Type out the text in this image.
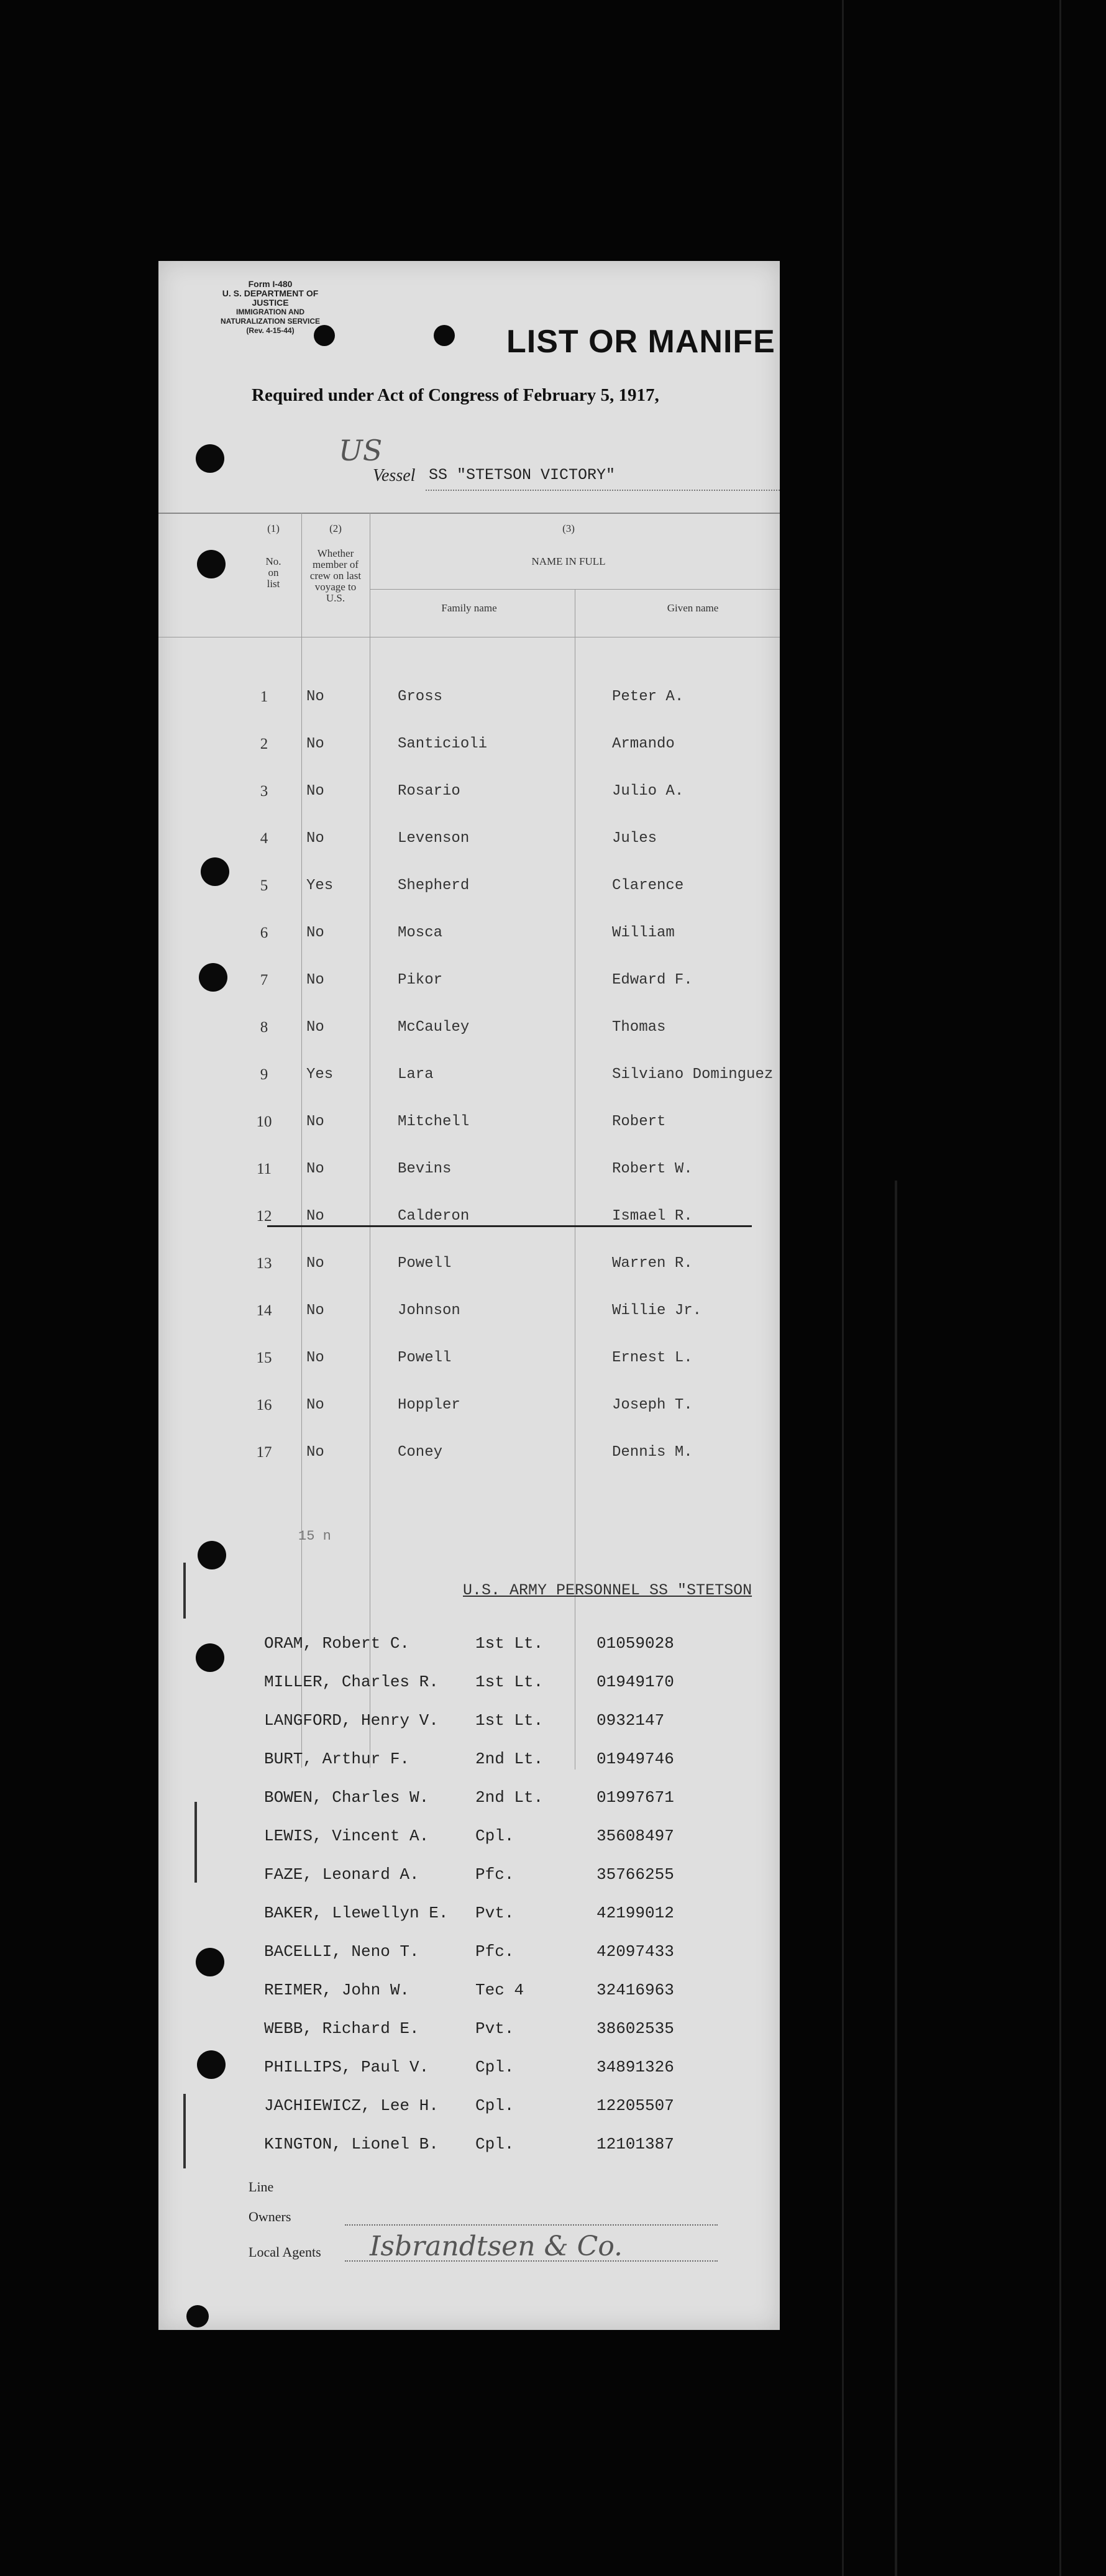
Form I-480
U. S. DEPARTMENT OF JUSTICE
IMMIGRATION AND NATURALIZATION SERVICE
(Rev. 4-15-44)	LIST OR MANIFE
Required under Act of Congress of February 5, 1917,
US
Vessel SS "STETSON VICTORY"
(1)
No. on list
(2)
Whether member of crew on last voyage to U.S.
(3)
NAME IN FULL
Family name	Given name
1	No	Gross	Peter A.
2	No	Santicioli	Armando
3	No	Rosario	Julio A.
4	No	Levenson	Jules
5	Yes	Shepherd	Clarence
6	No	Mosca	William
7	No	Pikor	Edward F.
8	No	McCauley	Thomas
9	Yes	Lara	Silviano Dominguez
10	No	Mitchell	Robert
11	No	Bevins	Robert W.
12	No	Calderon	Ismael R.
13	No	Powell	Warren R.
14	No	Johnson	Willie Jr.
15	No	Powell	Ernest L.
16	No	Hoppler	Joseph T.
17	No	Coney	Dennis M.
15 n
U.S. ARMY PERSONNEL SS "STETSON
ORAM, Robert C.	1st Lt.	01059028
MILLER, Charles R. 1st Lt.	01949170
LANGFORD, Henry V. 1st Lt.	0932147
BURT, Arthur F.	2nd Lt.	01949746
BOWEN, Charles W.	2nd Lt.	01997671
LEWIS, Vincent A.	Cpl.	35608497
FAZE, Leonard A.	Pfc.	35766255
BAKER, Llewellyn E. Pvt.	42199012
BACELLI, Neno T.	Pfc.	42097433
REIMER, John W.	Tec 4	32416963
WEBB, Richard E.	Pvt.	38602535
PHILLIPS, Paul V.	Cpl.	34891326
JACHIEWICZ, Lee H. Cpl.	12205507
KINGTON, Lionel B. Cpl.	12101387
Line
Owners
Local Agents Isbrandtsen & Co.
